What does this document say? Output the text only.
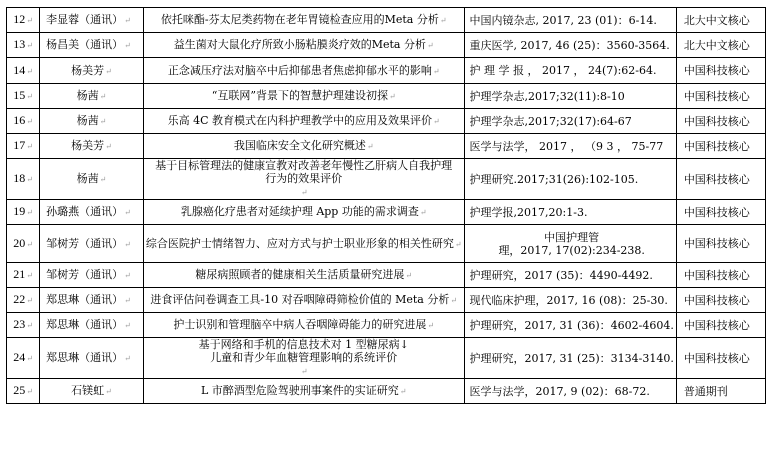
12↵	李显蓉（通讯）↵	依托咪酯-芬太尼类药物在老年胃镜检查应用的Meta 分析↵	中国内镜杂志, 2017, 23 (01)：6-14.	北大中文核心
13↵	杨昌美（通讯）↵	益生菌对大鼠化疗所致小肠粘膜炎疗效的Meta 分析↵	重庆医学, 2017, 46 (25)：3560-3564.	北大中文核心
14↵	杨美芳↵	正念减压疗法对脑卒中后抑郁患者焦虑抑郁水平的影响↵	护 理 学 报 ， 2017 ， 24(7):62-64.	中国科技核心
15↵	杨茜↵	“互联网”背景下的智慧护理建设初探↵	护理学杂志,2017;32(11):8-10	中国科技核心
16↵	杨茜↵	乐高 4C 教育模式在内科护理教学中的应用及效果评价↵	护理学杂志,2017;32(17):64-67	中国科技核心
17↵	杨美芳↵	我国临床安全文化研究概述↵	医学与法学， 2017 ， （9 3 ， 75-77	中国科技核心
18↵	杨茜↵	基于目标管理法的健康宣教对改善老年慢性乙肝病人自我护理
行为的效果评价
↵	护理研究.2017;31(26):102-105.	中国科技核心
19↵	孙璐燕（通讯）↵	乳腺癌化疗患者对延续护理 App 功能的需求调查↵	护理学报,2017,20:1-3.	中国科技核心
20↵	邹树芳（通讯）↵	综合医院护士情绪智力、应对方式与护士职业形象的相关性研究↵	中国护理管
理，2017, 17(02):234-238.	中国科技核心
21↵	邹树芳（通讯）↵	糖尿病照顾者的健康相关生活质量研究进展↵	护理研究，2017 (35)：4490-4492.	中国科技核心
22↵	郑思琳（通讯）↵	进食评估问卷调查工具-10 对吞咽障碍筛检价值的 Meta 分析↵	现代临床护理，2017, 16 (08)：25-30.	中国科技核心
23↵	郑思琳（通讯）↵	护士识别和管理脑卒中病人吞咽障碍能力的研究进展↵	护理研究，2017, 31 (36)：4602-4604.	中国科技核心
24↵	郑思琳（通讯）↵	基于网络和手机的信息技术对 1 型糖尿病↓
儿童和青少年血糖管理影响的系统评价
↵	护理研究，2017, 31 (25)：3134-3140.	中国科技核心
25↵	石镁虹↵	L 市醉酒型危险驾驶刑事案件的实证研究↵	医学与法学，2017, 9 (02)：68-72.	普通期刊
